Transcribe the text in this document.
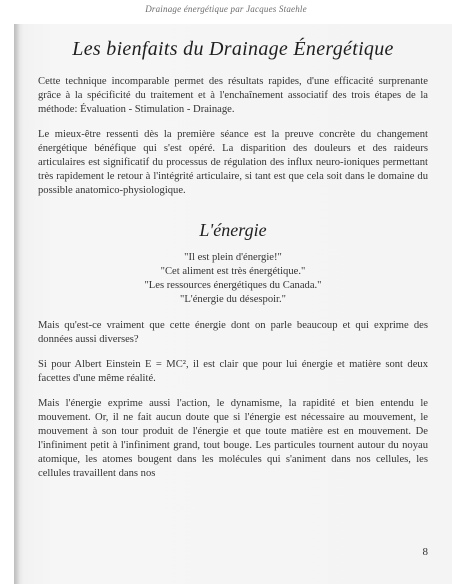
Drainage énergétique par Jacques Staehle
Les bienfaits du Drainage Énergétique

Cette technique incomparable permet des résultats rapides, d'une efficacité surprenante grâce à la spécificité du traitement et à l'enchaînement associatif des trois étapes de la méthode: Évaluation - Stimulation - Drainage.

Le mieux-être ressenti dès la première séance est la preuve concrète du changement énergétique bénéfique qui s'est opéré. La disparition des douleurs et des raideurs articulaires est significatif du processus de régulation des influx neuro-ioniques permettant très rapidement le retour à l'intégrité articulaire, si tant est que cela soit dans le domaine du possible anatomico-physiologique.

L'énergie
"Il est plein d'énergie!"
"Cet aliment est très énergétique."
"Les ressources énergétiques du Canada."
"L'énergie du désespoir."

Mais qu'est-ce vraiment que cette énergie dont on parle beaucoup et qui exprime des données aussi diverses?

Si pour Albert Einstein E = MC², il est clair que pour lui énergie et matière sont deux facettes d'une même réalité.

Mais l'énergie exprime aussi l'action, le dynamisme, la rapidité et bien entendu le mouvement. Or, il ne fait aucun doute que si l'énergie est nécessaire au mouvement, le mouvement à son tour produit de l'énergie et que toute matière est en mouvement. De l'infiniment petit à l'infiniment grand, tout bouge. Les particules tournent autour du noyau atomique, les atomes bougent dans les molécules qui s'animent dans nos cellules, les cellules travaillent dans nos

8
